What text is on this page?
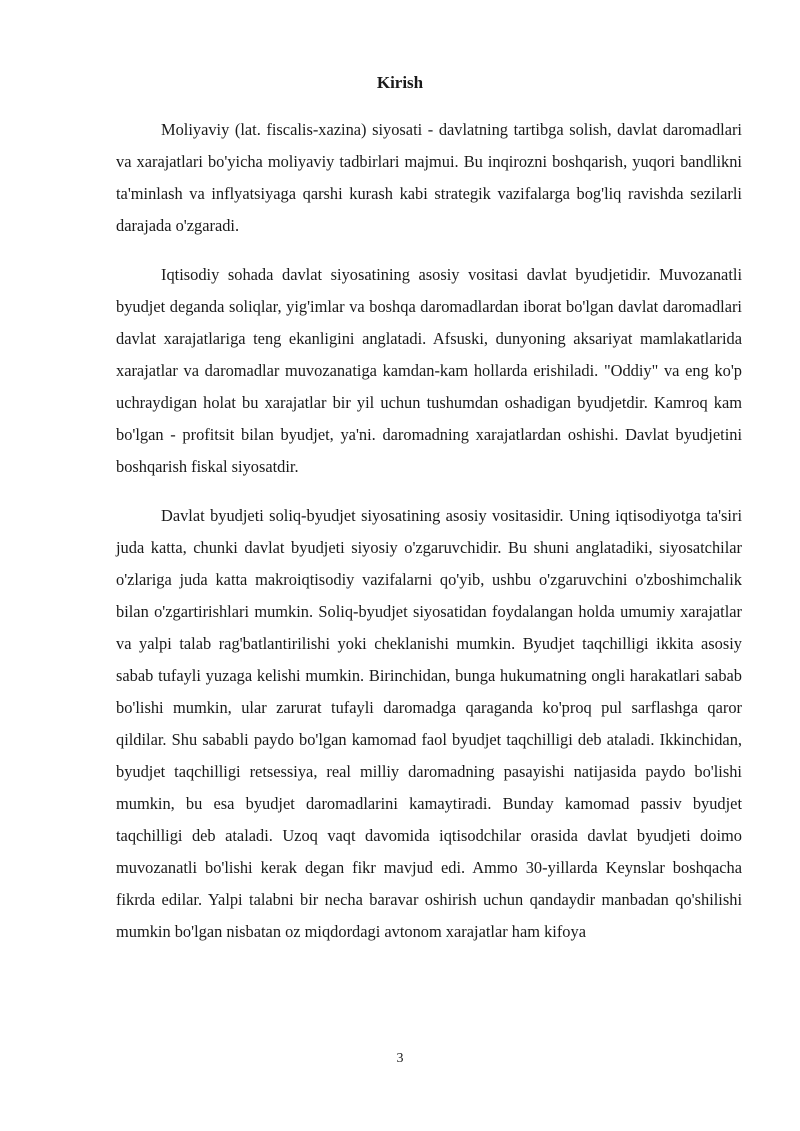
Kirish

Moliyaviy (lat. fiscalis-xazina) siyosati - davlatning tartibga solish, davlat daromadlari va xarajatlari bo'yicha moliyaviy tadbirlari majmui. Bu inqirozni boshqarish, yuqori bandlikni ta'minlash va inflyatsiyaga qarshi kurash kabi strategik vazifalarga bog'liq ravishda sezilarli darajada o'zgaradi.

Iqtisodiy sohada davlat siyosatining asosiy vositasi davlat byudjetidir. Muvozanatli byudjet deganda soliqlar, yig'imlar va boshqa daromadlardan iborat bo'lgan davlat daromadlari davlat xarajatlariga teng ekanligini anglatadi. Afsuski, dunyoning aksariyat mamlakatlarida xarajatlar va daromadlar muvozanatiga kamdan-kam hollarda erishiladi. "Oddiy" va eng ko'p uchraydigan holat bu xarajatlar bir yil uchun tushumdan oshadigan byudjetdir. Kamroq kam bo'lgan - profitsit bilan byudjet, ya'ni. daromadning xarajatlardan oshishi. Davlat byudjetini boshqarish fiskal siyosatdir.

Davlat byudjeti soliq-byudjet siyosatining asosiy vositasidir. Uning iqtisodiyotga ta'siri juda katta, chunki davlat byudjeti siyosiy o'zgaruvchidir. Bu shuni anglatadiki, siyosatchilar o'zlariga juda katta makroiqtisodiy vazifalarni qo'yib, ushbu o'zgaruvchini o'zboshimchalik bilan o'zgartirishlari mumkin. Soliq-byudjet siyosatidan foydalangan holda umumiy xarajatlar va yalpi talab rag'batlantirilishi yoki cheklanishi mumkin. Byudjet taqchilligi ikkita asosiy sabab tufayli yuzaga kelishi mumkin. Birinchidan, bunga hukumatning ongli harakatlari sabab bo'lishi mumkin, ular zarurat tufayli daromadga qaraganda ko'proq pul sarflashga qaror qildilar. Shu sababli paydo bo'lgan kamomad faol byudjet taqchilligi deb ataladi. Ikkinchidan, byudjet taqchilligi retsessiya, real milliy daromadning pasayishi natijasida paydo bo'lishi mumkin, bu esa byudjet daromadlarini kamaytiradi. Bunday kamomad passiv byudjet taqchilligi deb ataladi. Uzoq vaqt davomida iqtisodchilar orasida davlat byudjeti doimo muvozanatli bo'lishi kerak degan fikr mavjud edi. Ammo 30-yillarda Keynslar boshqacha fikrda edilar. Yalpi talabni bir necha baravar oshirish uchun qandaydir manbadan qo'shilishi mumkin bo'lgan nisbatan oz miqdordagi avtonom xarajatlar ham kifoya

3
